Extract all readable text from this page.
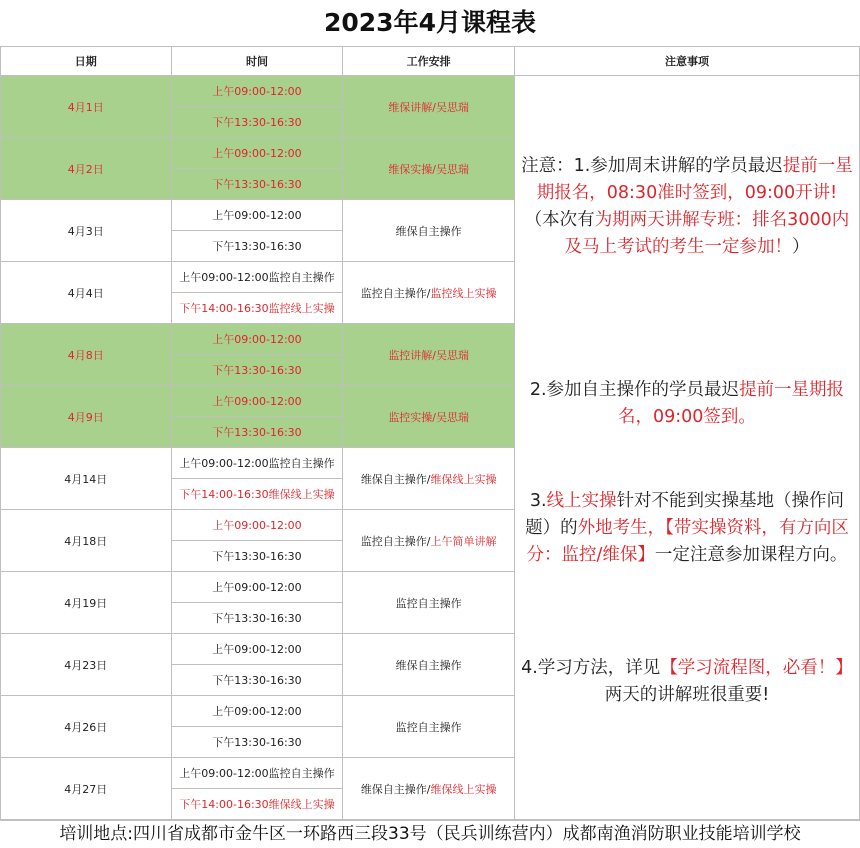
2023年4月课程表
日期	时间	工作安排	注意事项
4月1日	上午09:00-12:00	维保讲解/吴思瑞	注意：1.参加周末讲解的学员最迟提前一星期报名，08:30准时签到，09:00开讲!
（本次有为期两天讲解专班：排名3000内及马上考试的考生一定参加！）
2.参加自主操作的学员最迟提前一星期报名，09:00签到。
3.线上实操针对不能到实操基地（操作问题）的外地考生，【带实操资料，有方向区分：监控/维保】一定注意参加课程方向。
4.学习方法，详见【学习流程图，必看！】两天的讲解班很重要!

	下午13:30-16:30		
4月2日	上午09:00-12:00	维保实操/吴思瑞	
	下午13:30-16:30		
4月3日	上午09:00-12:00	维保自主操作	
	下午13:30-16:30		
4月4日	上午09:00-12:00监控自主操作	监控自主操作/监控线上实操	
	下午14:00-16:30监控线上实操		
4月8日	上午09:00-12:00	监控讲解/吴思瑞	
	下午13:30-16:30		
4月9日	上午09:00-12:00	监控实操/吴思瑞	
	下午13:30-16:30		
4月14日	上午09:00-12:00监控自主操作	维保自主操作/维保线上实操	
	下午14:00-16:30维保线上实操		
4月18日	上午09:00-12:00	监控自主操作/上午简单讲解	
	下午13:30-16:30		
4月19日	上午09:00-12:00	监控自主操作	
	下午13:30-16:30		
4月23日	上午09:00-12:00	维保自主操作	
	下午13:30-16:30		
4月26日	上午09:00-12:00	监控自主操作	
	下午13:30-16:30		
4月27日	上午09:00-12:00监控自主操作	维保自主操作/维保线上实操	
	下午14:00-16:30维保线上实操		
培训地点:四川省成都市金牛区一环路西三段33号（民兵训练营内）成都南渔消防职业技能培训学校
